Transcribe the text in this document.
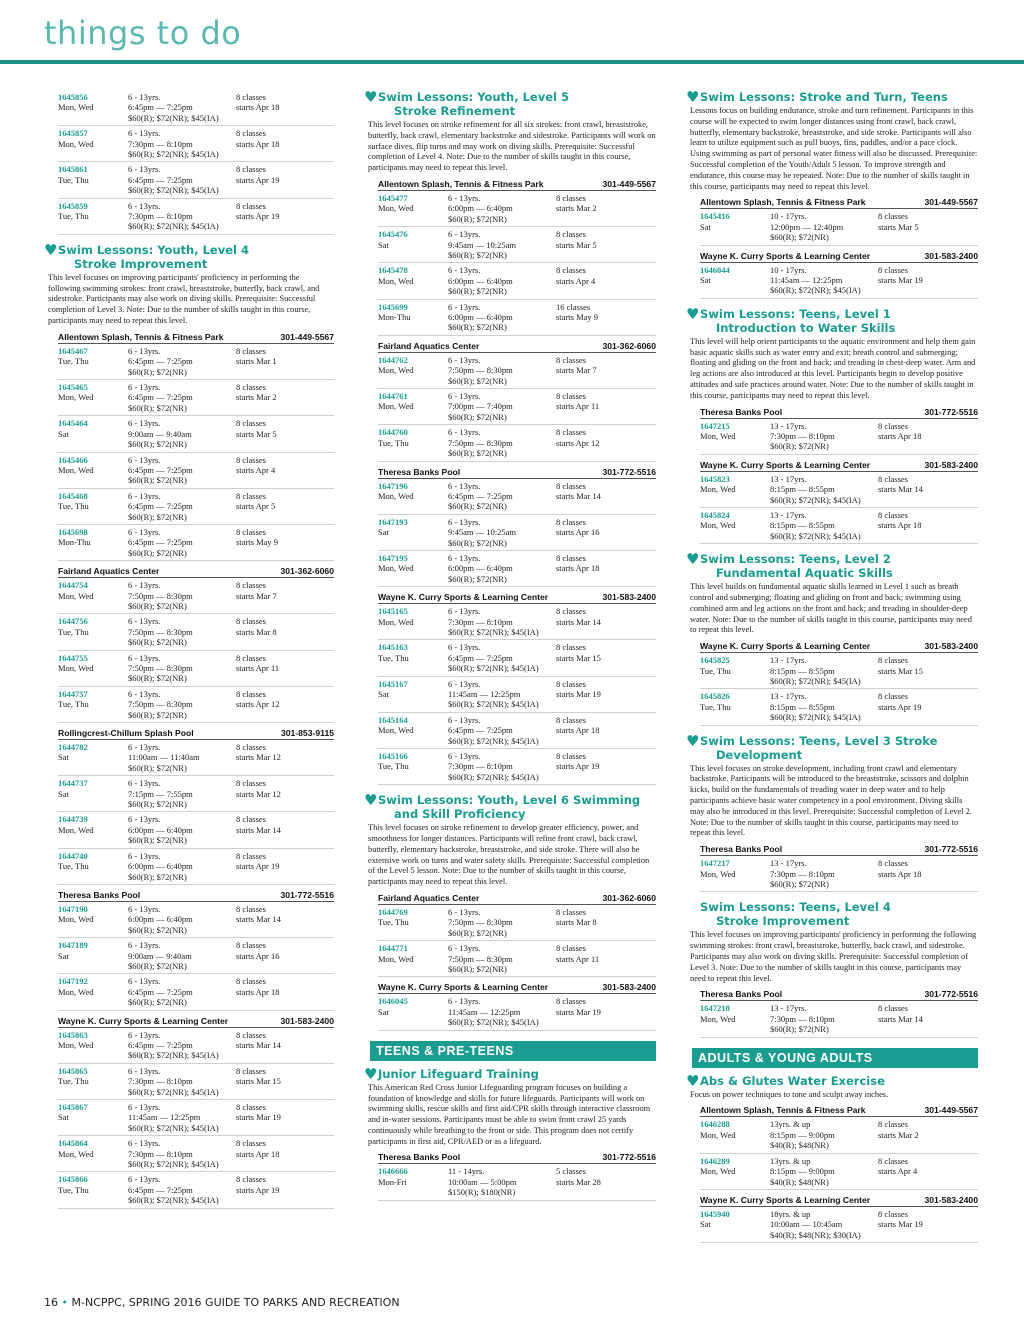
things to do
1645856	6 - 13yrs.	8 classes
Mon, Wed	6:45pm — 7:25pm	starts Apr 18
$60(R); $72(NR); $45(IA)
1645857	6 - 13yrs.	8 classes
Mon, Wed	7:30pm — 8:10pm	starts Apr 18
$60(R); $72(NR); $45(IA)
1645861	6 - 13yrs.	8 classes
Tue, Thu	6:45pm — 7:25pm	starts Apr 19
$60(R); $72(NR); $45(IA)
1645859	6 - 13yrs.	8 classes
Tue, Thu	7:30pm — 8:10pm	starts Apr 19
$60(R); $72(NR); $45(IA)
♥ Swim Lessons: Youth, Level 4
Stroke Improvement
This level focuses on improving participants' proficiency in performing the following swimming strokes: front crawl, breaststroke, butterfly, back crawl, and sidestroke. Participants may also work on diving skills. Prerequisite: Successful completion of Level 3. Note: Due to the number of skills taught in this course, participants may need to repeat this level.
Allentown Splash, Tennis & Fitness Park	301-449-5567
1645467	6 - 13yrs.	8 classes
Tue, Thu	6:45pm — 7:25pm	starts Mar 1
$60(R); $72(NR)
1645465	6 - 13yrs.	8 classes
Mon, Wed	6:45pm — 7:25pm	starts Mar 2
$60(R); $72(NR)
1645464	6 - 13yrs.	8 classes
Sat	9:00am — 9:40am	starts Mar 5
$60(R); $72(NR)
1645466	6 - 13yrs.	8 classes
Mon, Wed	6:45pm — 7:25pm	starts Apr 4
$60(R); $72(NR)
1645468	6 - 13yrs.	8 classes
Tue, Thu	6:45pm — 7:25pm	starts Apr 5
$60(R); $72(NR)
1645698	6 - 13yrs.	8 classes
Mon-Thu	6:45pm — 7:25pm	starts May 9
$60(R); $72(NR)
Fairland Aquatics Center	301-362-6060
1644754	6 - 13yrs.	8 classes
Mon, Wed	7:50pm — 8:30pm	starts Mar 7
$60(R); $72(NR)
1644756	6 - 13yrs.	8 classes
Tue, Thu	7:50pm — 8:30pm	starts Mar 8
$60(R); $72(NR)
1644755	6 - 13yrs.	8 classes
Mon, Wed	7:50pm — 8:30pm	starts Apr 11
$60(R); $72(NR)
1644757	6 - 13yrs.	8 classes
Tue, Thu	7:50pm — 8:30pm	starts Apr 12
$60(R); $72(NR)
Rollingcrest-Chillum Splash Pool	301-853-9115
1644782	6 - 13yrs.	8 classes
Sat	11:00am — 11:40am	starts Mar 12
$60(R); $72(NR)
1644737	6 - 13yrs.	8 classes
Sat	7:15pm — 7:55pm	starts Mar 12
$60(R); $72(NR)
1644739	6 - 13yrs.	8 classes
Mon, Wed	6:00pm — 6:40pm	starts Mar 14
$60(R); $72(NR)
1644740	6 - 13yrs.	8 classes
Tue, Thu	6:00pm — 6:40pm	starts Apr 19
$60(R); $72(NR)
Theresa Banks Pool	301-772-5516
1647190	6 - 13yrs.	8 classes
Mon, Wed	6:00pm — 6:40pm	starts Mar 14
$60(R); $72(NR)
1647189	6 - 13yrs.	8 classes
Sat	9:00am — 9:40am	starts Apr 16
$60(R); $72(NR)
1647192	6 - 13yrs.	8 classes
Mon, Wed	6:45pm — 7:25pm	starts Apr 18
$60(R); $72(NR)
Wayne K. Curry Sports & Learning Center	301-583-2400
1645863	6 - 13yrs.	8 classes
Mon, Wed	6:45pm — 7:25pm	starts Mar 14
$60(R); $72(NR); $45(IA)
1645865	6 - 13yrs.	8 classes
Tue, Thu	7:30pm — 8:10pm	starts Mar 15
$60(R); $72(NR); $45(IA)
1645867	6 - 13yrs.	8 classes
Sat	11:45am — 12:25pm	starts Mar 19
$60(R); $72(NR); $45(IA)
1645864	6 - 13yrs.	8 classes
Mon, Wed	7:30pm — 8:10pm	starts Apr 18
$60(R); $72(NR); $45(IA)
1645866	6 - 13yrs.	8 classes
Tue, Thu	6:45pm — 7:25pm	starts Apr 19
$60(R); $72(NR); $45(IA)
♥ Swim Lessons: Youth, Level 5
Stroke Refinement
This level focuses on stroke refinement for all six strokes: front crawl, breaststroke, butterfly, back crawl, elementary backstroke and sidestroke. Participants will work on surface dives, flip turns and may work on diving skills. Prerequisite: Successful completion of Level 4. Note: Due to the number of skills taught in this course, participants may need to repeat this level.
Allentown Splash, Tennis & Fitness Park	301-449-5567
1645477	6 - 13yrs.	8 classes
Mon, Wed	6:00pm — 6:40pm	starts Mar 2
$60(R); $72(NR)
1645476	6 - 13yrs.	8 classes
Sat	9:45am — 10:25am	starts Mar 5
$60(R); $72(NR)
1645478	6 - 13yrs.	8 classes
Mon, Wed	6:00pm — 6:40pm	starts Apr 4
$60(R); $72(NR)
1645699	6 - 13yrs.	16 classes
Mon-Thu	6:00pm — 6:40pm	starts May 9
$60(R); $72(NR)
Fairland Aquatics Center	301-362-6060
1644762	6 - 13yrs.	8 classes
Mon, Wed	7:50pm — 8:30pm	starts Mar 7
$60(R); $72(NR)
1644761	6 - 13yrs.	8 classes
Mon, Wed	7:00pm — 7:40pm	starts Apr 11
$60(R); $72(NR)
1644760	6 - 13yrs.	8 classes
Tue, Thu	7:50pm — 8:30pm	starts Apr 12
$60(R); $72(NR)
Theresa Banks Pool	301-772-5516
1647196	6 - 13yrs.	8 classes
Mon, Wed	6:45pm — 7:25pm	starts Mar 14
$60(R); $72(NR)
1647193	6 - 13yrs.	8 classes
Sat	9:45am — 10:25am	starts Apr 16
$60(R); $72(NR)
1647195	6 - 13yrs.	8 classes
Mon, Wed	6:00pm — 6:40pm	starts Apr 18
$60(R); $72(NR)
Wayne K. Curry Sports & Learning Center	301-583-2400
1645165	6 - 13yrs.	8 classes
Mon, Wed	7:30pm — 8:10pm	starts Mar 14
$60(R); $72(NR); $45(IA)
1645163	6 - 13yrs.	8 classes
Tue, Thu	6:45pm — 7:25pm	starts Mar 15
$60(R); $72(NR); $45(IA)
1645167	6 - 13yrs.	8 classes
Sat	11:45am — 12:25pm	starts Mar 19
$60(R); $72(NR); $45(IA)
1645164	6 - 13yrs.	8 classes
Mon, Wed	6:45pm — 7:25pm	starts Apr 18
$60(R); $72(NR); $45(IA)
1645166	6 - 13yrs.	8 classes
Tue, Thu	7:30pm — 8:10pm	starts Apr 19
$60(R); $72(NR); $45(IA)
♥ Swim Lessons: Youth, Level 6 Swimming
and Skill Proficiency
This level focuses on stroke refinement to develop greater efficiency, power, and smoothness for longer distances. Participants will refine front crawl, back crawl, butterfly, elementary backstroke, breaststroke, and side stroke. There will also be extensive work on turns and water safety skills. Prerequisite: Successful completion of the Level 5 lesson. Note: Due to the number of skills taught in this course, participants may need to repeat this level.
Fairland Aquatics Center	301-362-6060
1644769	6 - 13yrs.	8 classes
Tue, Thu	7:50pm — 8:30pm	starts Mar 8
$60(R); $72(NR)
1644771	6 - 13yrs.	8 classes
Mon, Wed	7:50pm — 8:30pm	starts Apr 11
$60(R); $72(NR)
Wayne K. Curry Sports & Learning Center	301-583-2400
1646045	6 - 13yrs.	8 classes
Sat	11:45am — 12:25pm	starts Mar 19
$60(R); $72(NR); $45(IA)
TEENS & PRE-TEENS
♥ Junior Lifeguard Training
This American Red Cross Junior Lifeguarding program focuses on building a foundation of knowledge and skills for future lifeguards. Participants will work on swimming skills, rescue skills and first aid/CPR skills through interactive classroom and in-water sessions. Participants must be able to swim front crawl 25 yards continuously while breathing to the front or side. This program does not certify participants in first aid, CPR/AED or as a lifeguard.
Theresa Banks Pool	301-772-5516
1646666	11 - 14yrs.	5 classes
Mon-Fri	10:00am — 5:00pm	starts Mar 28
$150(R); $180(NR)
♥ Swim Lessons: Stroke and Turn, Teens
Lessons focus on building endurance, stroke and turn refinement. Participants in this course will be expected to swim longer distances using front crawl, back crawl, butterfly, elementary backstroke, breaststroke, and side stroke. Participants will also learn to utilize equipment such as pull buoys, fins, paddles, and/or a pace clock. Using swimming as part of personal water fitness will also be discussed. Prerequisite: Successful completion of the Youth/Adult 5 lesson. To improve strength and endurance, this course may be repeated. Note: Due to the number of skills taught in this course, participants may need to repeat this level.
Allentown Splash, Tennis & Fitness Park	301-449-5567
1645416	10 - 17yrs.	8 classes
Sat	12:00pm — 12:40pm	starts Mar 5
$60(R); $72(NR)
Wayne K. Curry Sports & Learning Center	301-583-2400
1646044	10 - 17yrs.	8 classes
Sat	11:45am — 12:25pm	starts Mar 19
$60(R); $72(NR); $45(IA)
♥ Swim Lessons: Teens, Level 1
Introduction to Water Skills
This level will help orient participants to the aquatic environment and help them gain basic aquatic skills such as water entry and exit; breath control and submerging; floating and gliding on the front and back; and treading in chest-deep water. Arm and leg actions are also introduced at this level. Participants begin to develop positive attitudes and safe practices around water. Note: Due to the number of skills taught in this course, participants may need to repeat this level.
Theresa Banks Pool	301-772-5516
1647215	13 - 17yrs.	8 classes
Mon, Wed	7:30pm — 8:10pm	starts Apr 18
$60(R); $72(NR)
Wayne K. Curry Sports & Learning Center	301-583-2400
1645823	13 - 17yrs.	8 classes
Mon, Wed	8:15pm — 8:55pm	starts Mar 14
$60(R); $72(NR); $45(IA)
1645824	13 - 17yrs.	8 classes
Mon, Wed	8:15pm — 8:55pm	starts Apr 18
$60(R); $72(NR); $45(IA)
♥ Swim Lessons: Teens, Level 2
Fundamental Aquatic Skills
This level builds on fundamental aquatic skills learned in Level 1 such as breath control and submerging; floating and gliding on front and back; swimming using combined arm and leg actions on the front and back; and treading in shoulder-deep water. Note: Due to the number of skills taught in this course, participants may need to repeat this level.
Wayne K. Curry Sports & Learning Center	301-583-2400
1645825	13 - 17yrs.	8 classes
Tue, Thu	8:15pm — 8:55pm	starts Mar 15
$60(R); $72(NR); $45(IA)
1645826	13 - 17yrs.	8 classes
Tue, Thu	8:15pm — 8:55pm	starts Apr 19
$60(R); $72(NR); $45(IA)
♥ Swim Lessons: Teens, Level 3 Stroke
Development
This level focuses on stroke development, including front crawl and elementary backstroke. Participants will be introduced to the breaststroke, scissors and dolphin kicks, build on the fundamentals of treading water in deep water and to help participants achieve basic water competency in a pool environment. Diving skills may also be introduced in this level. Prerequisite: Successful completion of Level 2. Note: Due to the number of skills taught in this course, participants may need to repeat this level.
Theresa Banks Pool	301-772-5516
1647217	13 - 17yrs.	8 classes
Mon, Wed	7:30pm — 8:10pm	starts Apr 18
$60(R); $72(NR)
Swim Lessons: Teens, Level 4
Stroke Improvement
This level focuses on improving participants' proficiency in performing the following swimming strokes: front crawl, breaststroke, butterfly, back crawl, and sidestroke. Participants may also work on diving skills. Prerequisite: Successful completion of Level 3. Note: Due to the number of skills taught in this course, participants may need to repeat this level.
Theresa Banks Pool	301-772-5516
1647218	13 - 17yrs.	8 classes
Mon, Wed	7:30pm — 8:10pm	starts Mar 14
$60(R); $72(NR)
ADULTS & YOUNG ADULTS
♥ Abs & Glutes Water Exercise
Focus on power techniques to tone and sculpt away inches.
Allentown Splash, Tennis & Fitness Park	301-449-5567
1646288	13yrs. & up	8 classes
Mon, Wed	8:15pm — 9:00pm	starts Mar 2
$40(R); $48(NR)
1646289	13yrs. & up	8 classes
Mon, Wed	8:15pm — 9:00pm	starts Apr 4
$40(R); $48(NR)
Wayne K. Curry Sports & Learning Center	301-583-2400
1645940	18yrs. & up	8 classes
Sat	10:00am — 10:45am	starts Mar 19
$40(R); $48(NR); $30(IA)
16 • M-NCPPC, SPRING 2016 GUIDE TO PARKS AND RECREATION
